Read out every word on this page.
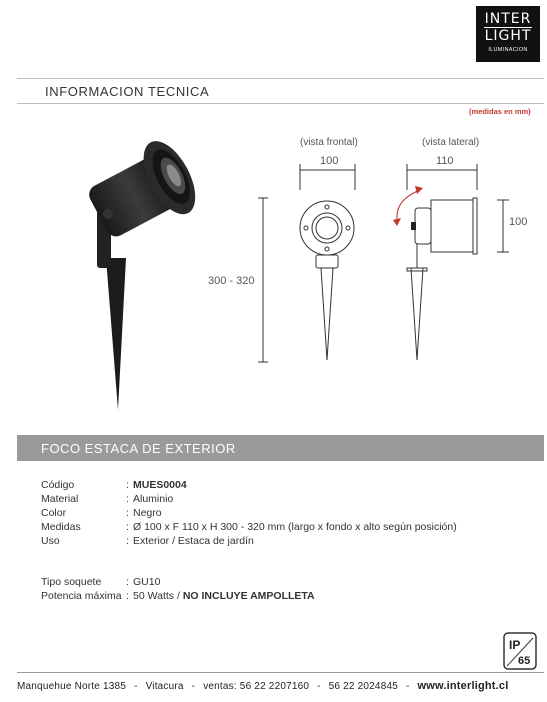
INTER
LIGHT
ILUMINACION
INFORMACION TECNICA
(medidas en mm)
(vista frontal)	(vista lateral)
100	110
100
300 - 320
FOCO ESTACA DE EXTERIOR
Código	: MUES0004
Material	: Aluminio
Color	: Negro
Medidas	: Ø 100 x F 110 x H 300 - 320 mm (largo x fondo x alto según posición)
Uso	: Exterior / Estaca de jardín
Tipo soquete : GU10
Potencia máxima : 50 Watts / NO INCLUYE AMPOLLETA
IP
65
Manquehue Norte 1385 - Vitacura - ventas: 56 22 2207160 - 56 22 2024845 - www.interlight.cl
